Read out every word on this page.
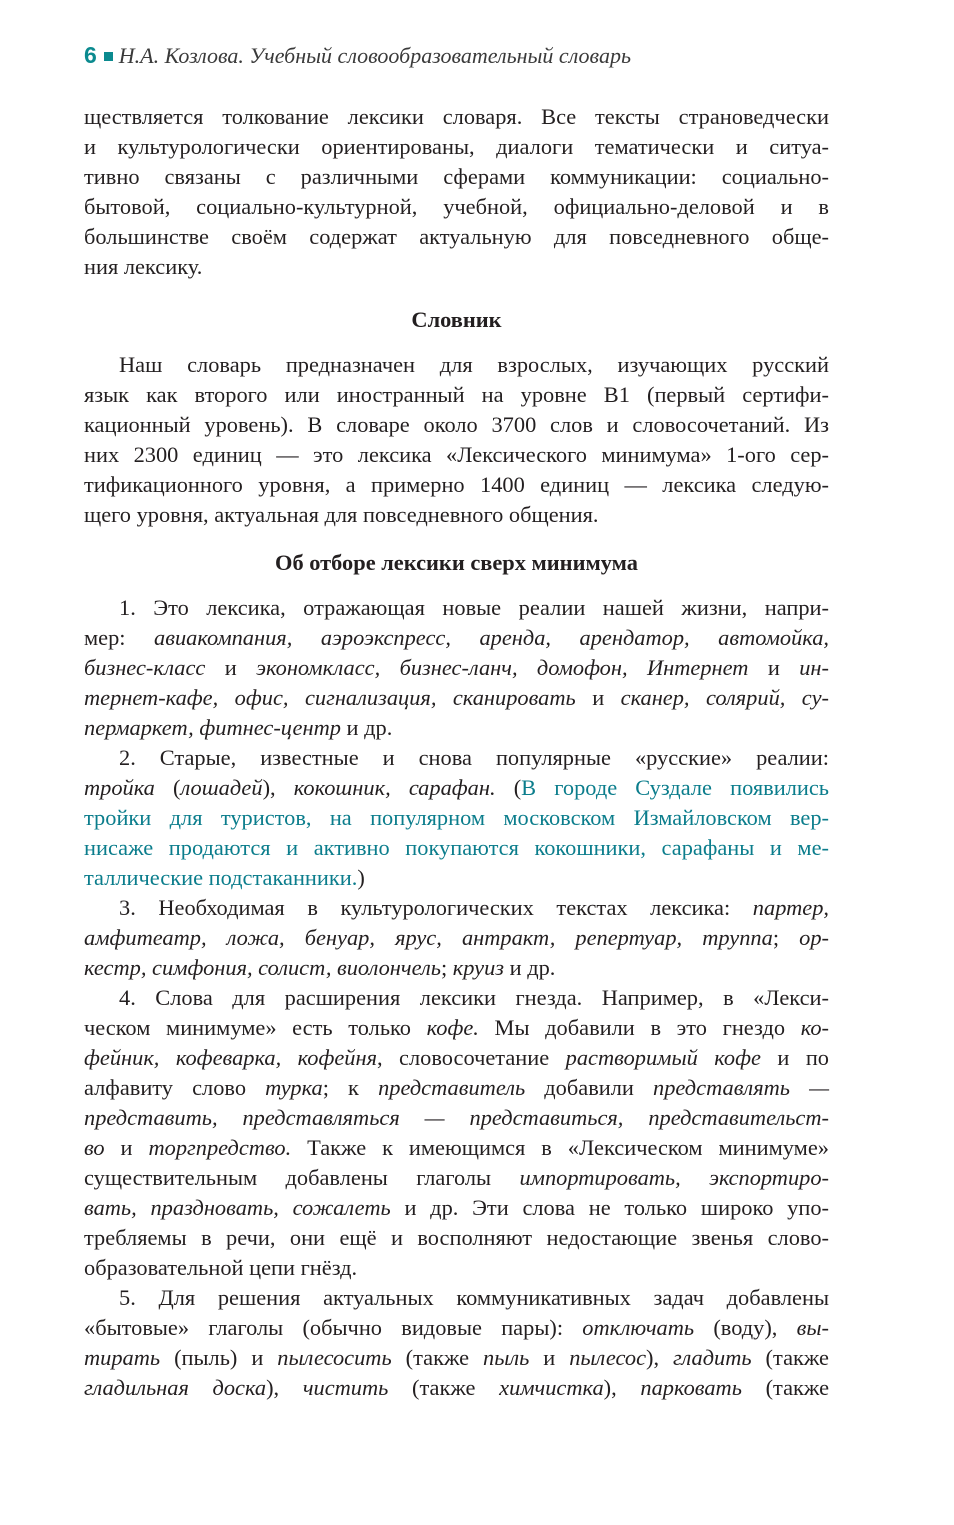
6 Н.А. Козлова. Учебный словообразовательный словарь

ществляется толкование лексики словаря. Все тексты страноведчески

и культурологически ориентированы, диалоги тематически и ситуа-

тивно связаны с различными сферами коммуникации: социально-

бытовой, социально-культурной, учебной, официально-деловой и в

большинстве своём содержат актуальную для повседневного обще-

ния лексику.

Словник

Наш словарь предназначен для взрослых, изучающих русский

язык как второго или иностранный на уровне B1 (первый сертифи-

кационный уровень). В словаре около 3700 слов и словосочетаний. Из

них 2300 единиц — это лексика «Лексического минимума» 1-ого сер-

тификационного уровня, а примерно 1400 единиц — лексика следую-

щего уровня, актуальная для повседневного общения.

Об отборе лексики сверх минимума

1. Это лексика, отражающая новые реалии нашей жизни, напри-

мер: авиакомпания, аэроэкспресс, аренда, арендатор, автомойка,

бизнес-класс и экономкласс, бизнес-ланч, домофон, Интернет и ин-

тернет-кафе, офис, сигнализация, сканировать и сканер, солярий, су-

пермаркет, фитнес-центр и др.

2. Старые, известные и снова популярные «русские» реалии:

тройка (лошадей), кокошник, сарафан. (В городе Суздале появились

тройки для туристов, на популярном московском Измайловском вер-

нисаже продаются и активно покупаются кокошники, сарафаны и ме-

таллические подстаканники.)

3. Необходимая в культурологических текстах лексика: партер,

амфитеатр, ложа, бенуар, ярус, антракт, репертуар, труппа; ор-

кестр, симфония, солист, виолончель; круиз и др.

4. Слова для расширения лексики гнезда. Например, в «Лекси-

ческом минимуме» есть только кофе. Мы добавили в это гнездо ко-

фейник, кофеварка, кофейня, словосочетание растворимый кофе и по

алфавиту слово турка; к представитель добавили представлять —

представить, представляться — представиться, представительст-

во и торгпредство. Также к имеющимся в «Лексическом минимуме»

существительным добавлены глаголы импортировать, экспортиро-

вать, праздновать, сожалеть и др. Эти слова не только широко упо-

требляемы в речи, они ещё и восполняют недостающие звенья слово-

образовательной цепи гнёзд.

5. Для решения актуальных коммуникативных задач добавлены

«бытовые» глаголы (обычно видовые пары): отключать (воду), вы-

тирать (пыль) и пылесосить (также пыль и пылесос), гладить (также

гладильная доска), чистить (также химчистка), парковать (также
